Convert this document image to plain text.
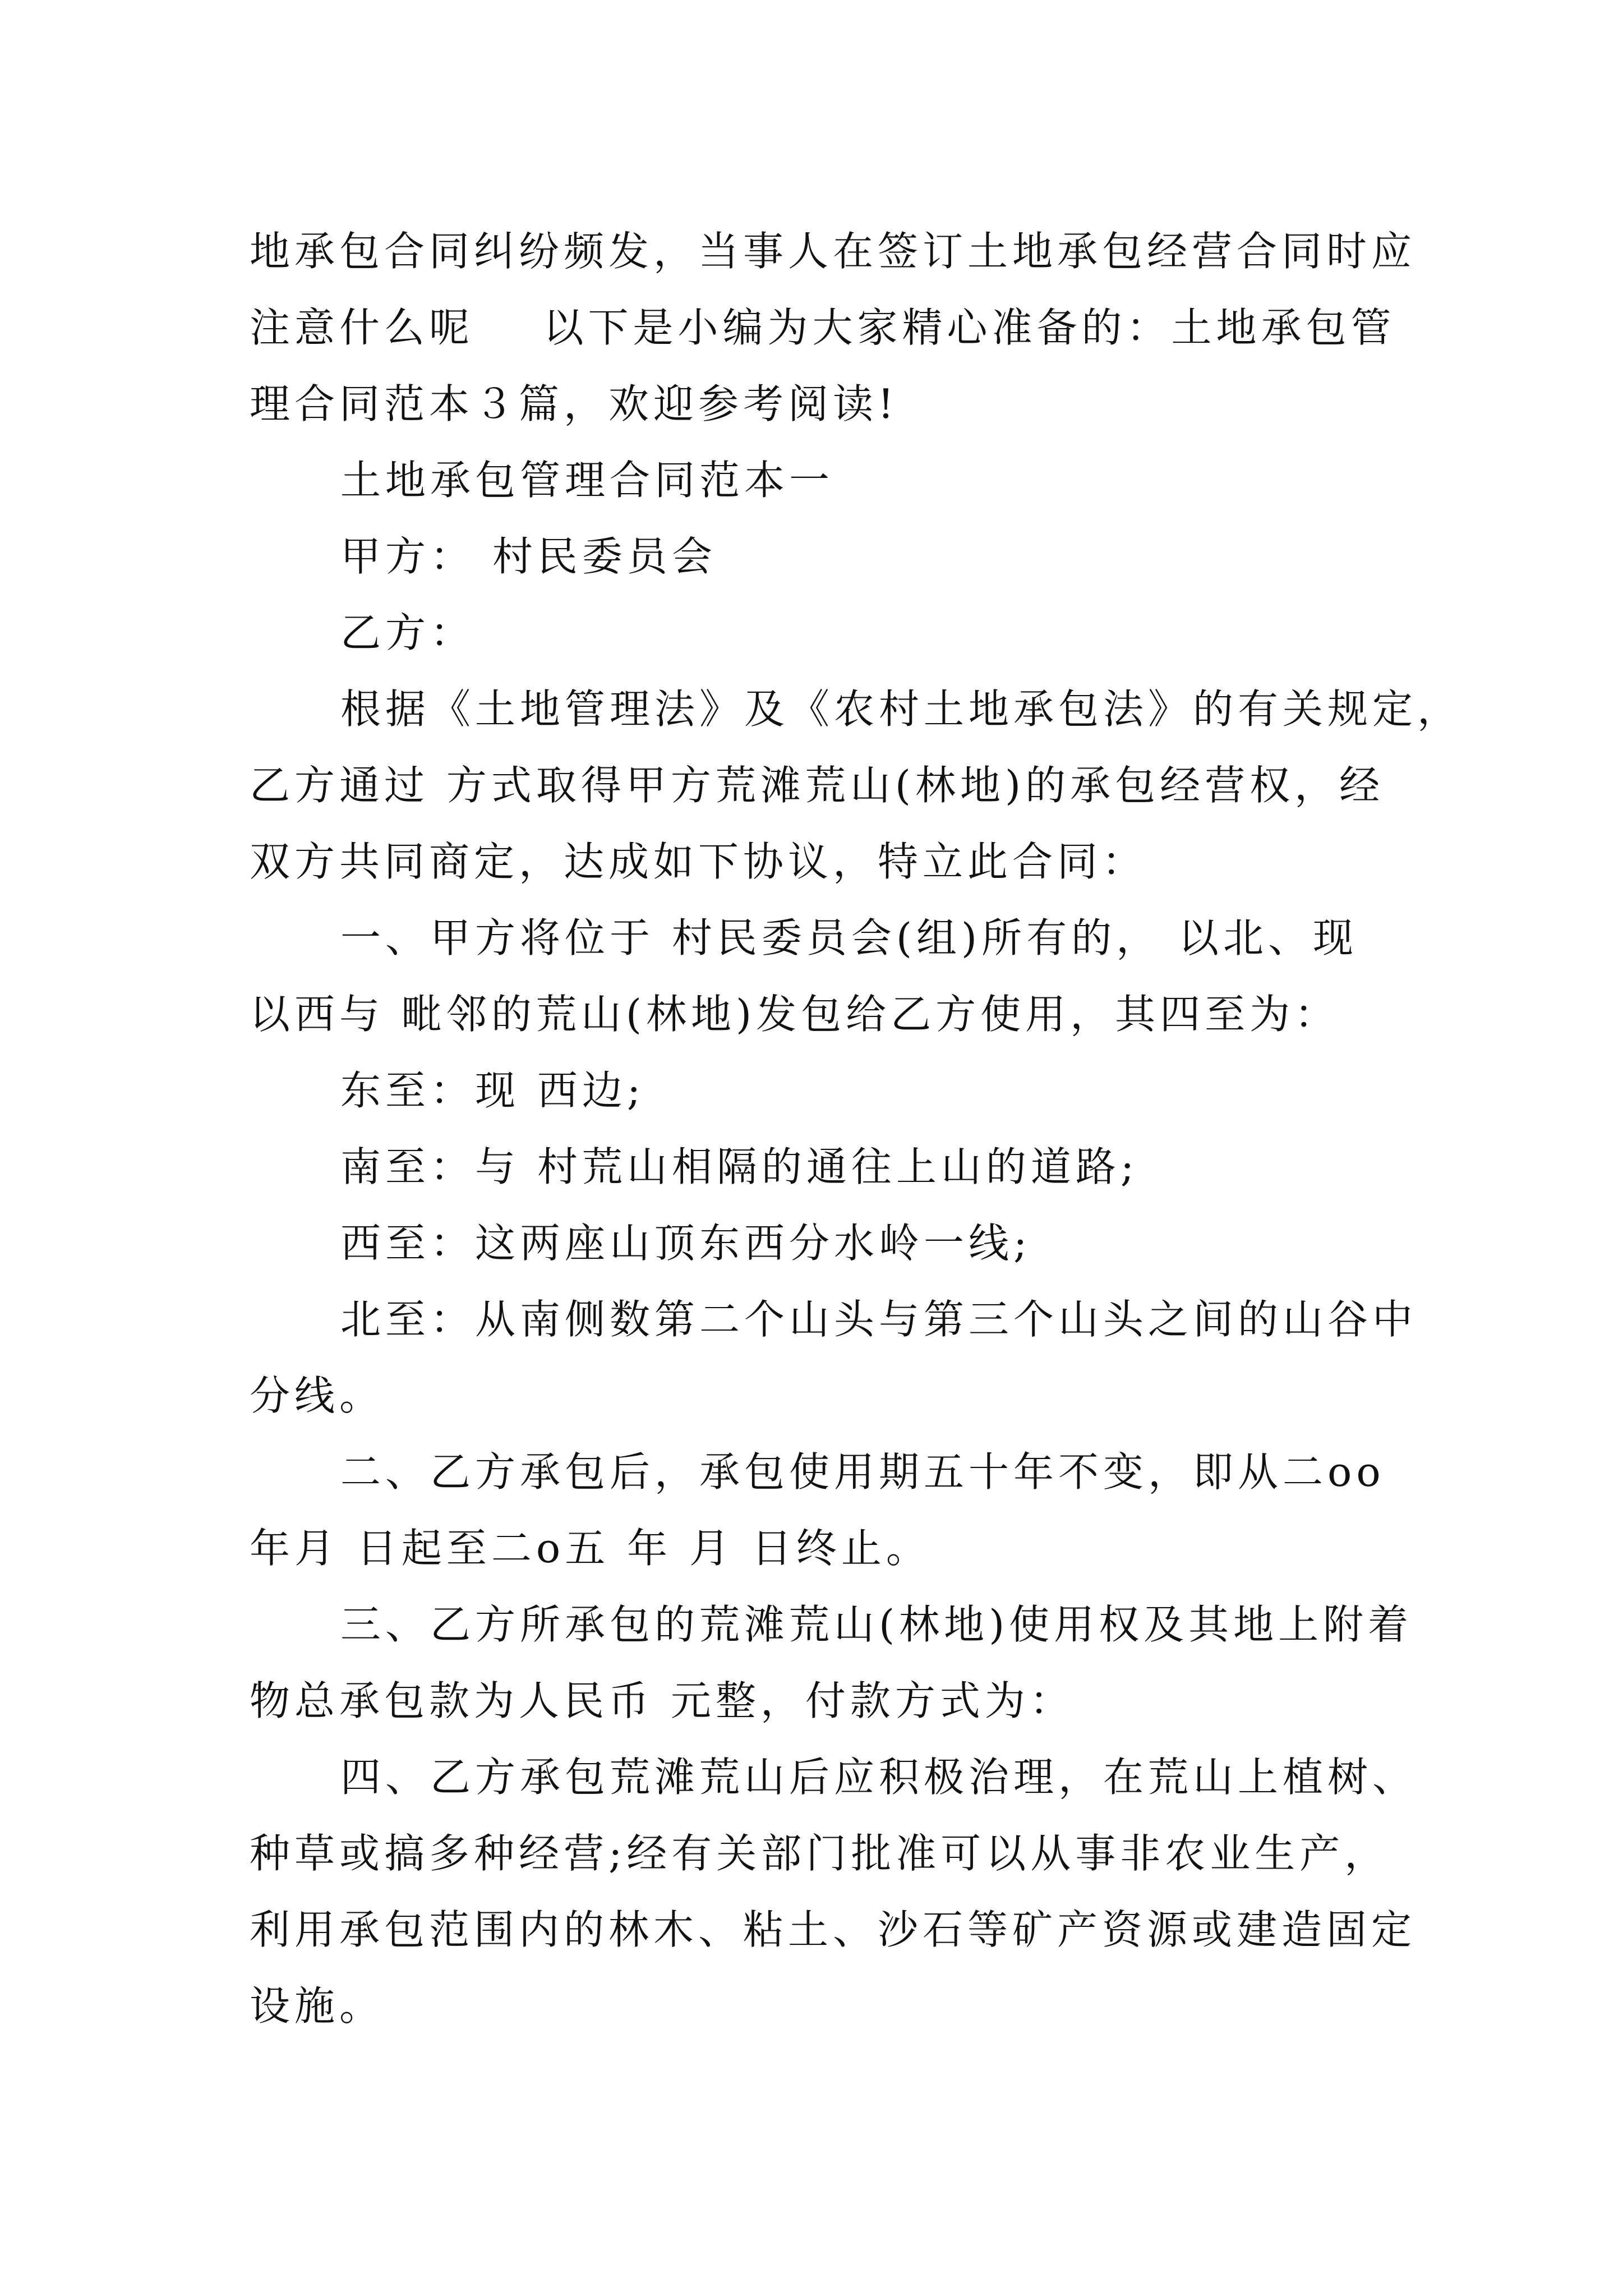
地承包合同纠纷频发，当事人在签订土地承包经营合同时应
注意什么呢    以下是小编为大家精心准备的：土地承包管
理合同范本３篇，欢迎参考阅读!
土地承包管理合同范本一
甲方： 村民委员会
乙方：
根据《土地管理法》及《农村土地承包法》的有关规定，
乙方通过 方式取得甲方荒滩荒山(林地)的承包经营权，经
双方共同商定，达成如下协议，特立此合同：
一、甲方将位于 村民委员会(组)所有的， 以北、现
以西与 毗邻的荒山(林地)发包给乙方使用，其四至为：
东至：现 西边;
南至：与 村荒山相隔的通往上山的道路;
西至：这两座山顶东西分水岭一线;
北至：从南侧数第二个山头与第三个山头之间的山谷中
分线。
二、乙方承包后，承包使用期五十年不变，即从二oo
年月 日起至二o五 年 月 日终止。
三、乙方所承包的荒滩荒山(林地)使用权及其地上附着
物总承包款为人民币 元整，付款方式为：
四、乙方承包荒滩荒山后应积极治理，在荒山上植树、
种草或搞多种经营;经有关部门批准可以从事非农业生产，
利用承包范围内的林木、粘土、沙石等矿产资源或建造固定
设施。
